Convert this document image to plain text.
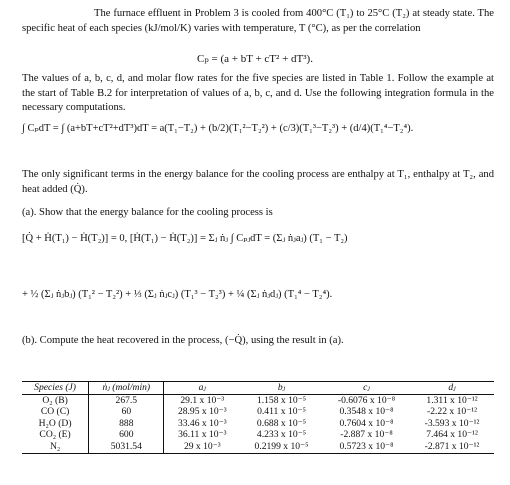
The furnace effluent in Problem 3 is cooled from 400°C (T₁) to 25°C (T₂) at steady state. The specific heat of each species (kJ/mol/K) varies with temperature, T (°C), as per the correlation

Cₚ = (a + bT + cT² + dT³).

The values of a, b, c, d, and molar flow rates for the five species are listed in Table 1. Follow the example at the start of Table B.2 for interpretation of values of a, b, c, and d. Use the following integration formula in the necessary computations.

∫ CₚdT = ∫ (a+bT+cT²+dT³)dT = a(T₁−T₂) + (b/2)(T₁²−T₂²) + (c/3)(T₁³−T₂³) + (d/4)(T₁⁴−T₂⁴).

The only significant terms in the energy balance for the cooling process are enthalpy at T₁, enthalpy at T₂, and heat added (Q̇).

(a). Show that the energy balance for the cooling process is

[Q̇ + Ḣ(T₁) − Ḣ(T₂)] = 0, [Ḣ(T₁) − Ḣ(T₂)] = Σⱼ ṅⱼ ∫ CₚⱼdT = (Σⱼ ṅⱼaⱼ) (T₁ − T₂)
+ ½ (Σⱼ ṅⱼbⱼ) (T₁² − T₂²) + ⅓ (Σⱼ ṅⱼcⱼ) (T₁³ − T₂³) + ¼ (Σⱼ ṅⱼdⱼ) (T₁⁴ − T₂⁴).

(b). Compute the heat recovered in the process, (−Q̇), using the result in (a).

Species (J)	ṅⱼ (mol/min)	aⱼ	bⱼ	cⱼ	dⱼ
O₂ (B)	267.5	29.1 x 10⁻³	1.158 x 10⁻⁵	-0.6076 x 10⁻⁸	1.311 x 10⁻¹²
CO (C)	60	28.95 x 10⁻³	0.411 x 10⁻⁵	0.3548 x 10⁻⁸	-2.22 x 10⁻¹²
H₂O (D)	888	33.46 x 10⁻³	0.688 x 10⁻⁵	0.7604 x 10⁻⁸	-3.593 x 10⁻¹²
CO₂ (E)	600	36.11 x 10⁻³	4.233 x 10⁻⁵	-2.887 x 10⁻⁸	7.464 x 10⁻¹²
N₂	5031.54	29 x 10⁻³	0.2199 x 10⁻⁵	0.5723 x 10⁻⁸	-2.871 x 10⁻¹²
